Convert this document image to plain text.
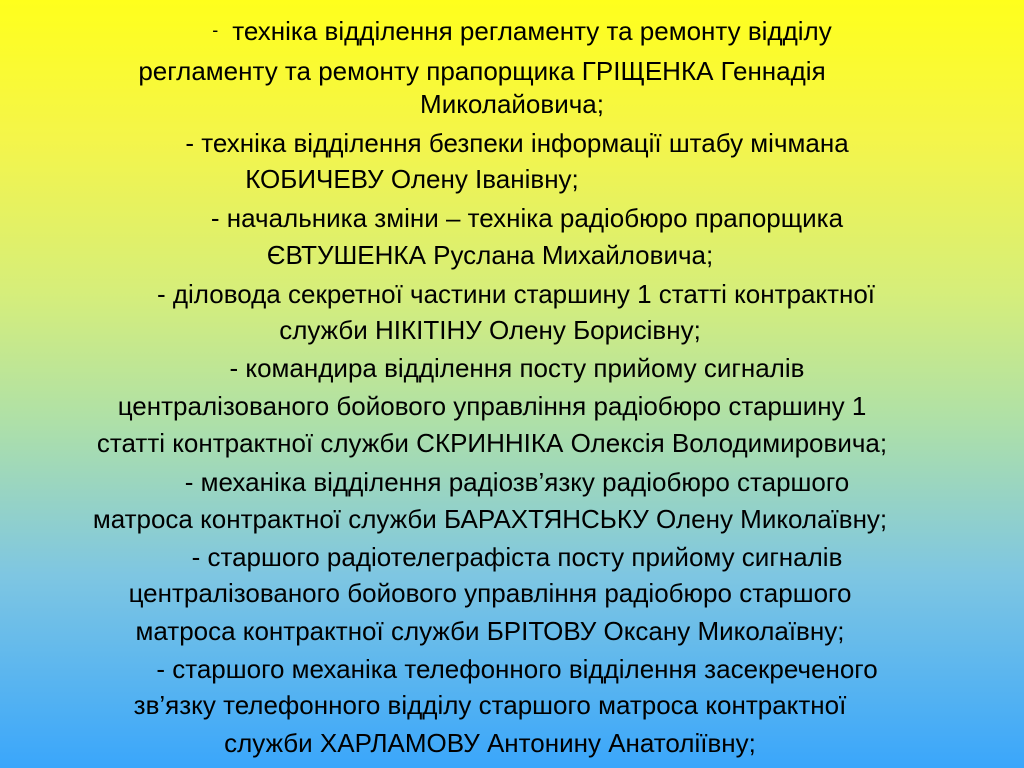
- техніка відділення регламенту та ремонту відділу
регламенту та ремонту прапорщика ГРІЩЕНКА Геннадія
Миколайовича;
- техніка відділення безпеки інформації штабу мічмана
КОБИЧЕВУ Олену Іванівну;
- начальника зміни – техніка радіобюро прапорщика
ЄВТУШЕНКА Руслана Михайловича;
- діловода секретної частини старшину 1 статті контрактної
служби НІКІТІНУ Олену Борисівну;
- командира відділення посту прийому сигналів
централізованого бойового управління радіобюро старшину 1
статті контрактної служби СКРИННІКА Олексія Володимировича;
- механіка відділення радіозв’язку радіобюро старшого
матроса контрактної служби БАРАХТЯНСЬКУ Олену Миколаївну;
- старшого радіотелеграфіста посту прийому сигналів
централізованого бойового управління радіобюро старшого
матроса контрактної служби БРІТОВУ Оксану Миколаївну;
- старшого механіка телефонного відділення засекреченого
зв’язку телефонного відділу старшого матроса контрактної
служби ХАРЛАМОВУ Антонину Анатоліївну;
